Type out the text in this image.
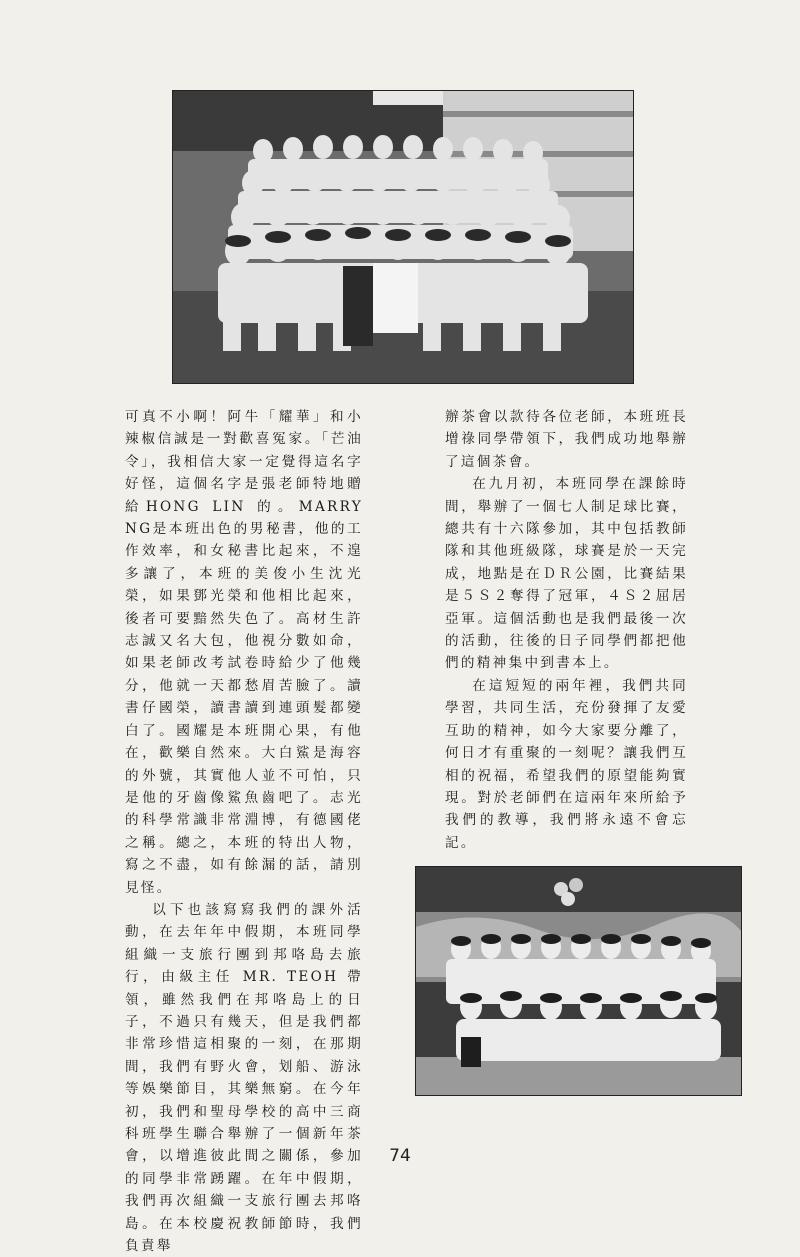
可真不小啊！阿牛「耀華」和小辣椒信誠是一對歡喜冤家。「芒油令」，我相信大家一定覺得這名字好怪，這個名字是張老師特地贈給HONG LIN 的。MARRY NG是本班出色的男秘書，他的工作效率，和女秘書比起來，不遑多讓了，本班的美俊小生沈光榮，如果鄧光榮和他相比起來，後者可要黯然失色了。高材生許志誠又名大包，他視分數如命，如果老師改考試卷時給少了他幾分，他就一天都愁眉苦臉了。讀書仔國榮，讀書讀到連頭髮都變白了。國耀是本班開心果，有他在，歡樂自然來。大白鯊是海容的外號，其實他人並不可怕，只是他的牙齒像鯊魚齒吧了。志光的科學常識非常淵博，有德國佬之稱。總之，本班的特出人物，寫之不盡，如有餘漏的話，請別見怪。

以下也該寫寫我們的課外活動，在去年年中假期，本班同學組織一支旅行團到邦咯島去旅行，由級主任 MR. TEOH 帶領，雖然我們在邦咯島上的日子，不過只有幾天，但是我們都非常珍惜這相聚的一刻，在那期間，我們有野火會，划船、游泳等娛樂節目，其樂無窮。在今年初，我們和聖母學校的高中三商科班學生聯合舉辦了一個新年茶會，以增進彼此間之關係，參加的同學非常踴躍。在年中假期，我們再次組織一支旅行團去邦咯島。在本校慶祝教師節時，我們負責舉

辦茶會以款待各位老師，本班班長增祿同學帶領下，我們成功地舉辦了這個茶會。

在九月初，本班同學在課餘時間，舉辦了一個七人制足球比賽，總共有十六隊參加，其中包括教師隊和其他班級隊，球賽是於一天完成，地點是在ＤＲ公園，比賽結果是５Ｓ２奪得了冠軍，４Ｓ２屈居亞軍。這個活動也是我們最後一次的活動，往後的日子同學們都把他們的精神集中到書本上。

在這短短的兩年裡，我們共同學習，共同生活，充份發揮了友愛互助的精神，如今大家要分離了，何日才有重聚的一刻呢？讓我們互相的祝福，希望我們的原望能夠實現。對於老師們在這兩年來所給予我們的教導，我們將永遠不會忘記。

74
